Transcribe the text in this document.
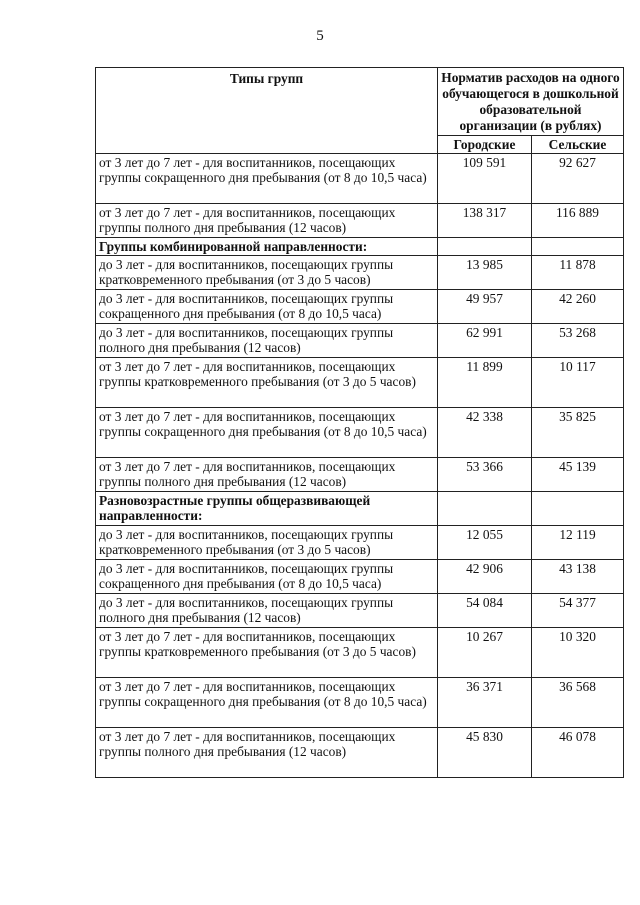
5
Типы групп	Норматив расходов на одного обучающегося в дошкольной образовательной организации (в рублях)	
	Городские	Сельские
от 3 лет до 7 лет - для воспитанников, посещающих группы сокращенного дня пребывания (от 8 до 10,5 часа)	109 591	92 627
от 3 лет до 7 лет - для воспитанников, посещающих группы полного дня пребывания (12 часов)	138 317	116 889
Группы комбинированной направленности:		
до 3 лет - для воспитанников, посещающих группы кратковременного пребывания (от 3 до 5 часов)	13 985	11 878
до 3 лет - для воспитанников, посещающих группы сокращенного дня пребывания (от 8 до 10,5 часа)	49 957	42 260
до 3 лет - для воспитанников, посещающих группы полного дня пребывания (12 часов)	62 991	53 268
от 3 лет до 7 лет - для воспитанников, посещающих группы кратковременного пребывания (от 3 до 5 часов)	11 899	10 117
от 3 лет до 7 лет - для воспитанников, посещающих группы сокращенного дня пребывания (от 8 до 10,5 часа)	42 338	35 825
от 3 лет до 7 лет - для воспитанников, посещающих группы полного дня пребывания (12 часов)	53 366	45 139
Разновозрастные группы общеразвивающей направленности:		
до 3 лет - для воспитанников, посещающих группы кратковременного пребывания (от 3 до 5 часов)	12 055	12 119
до 3 лет - для воспитанников, посещающих группы сокращенного дня пребывания (от 8 до 10,5 часа)	42 906	43 138
до 3 лет - для воспитанников, посещающих группы полного дня пребывания (12 часов)	54 084	54 377
от 3 лет до 7 лет - для воспитанников, посещающих группы кратковременного пребывания (от 3 до 5 часов)	10 267	10 320
от 3 лет до 7 лет - для воспитанников, посещающих группы сокращенного дня пребывания (от 8 до 10,5 часа)	36 371	36 568
от 3 лет до 7 лет - для воспитанников, посещающих группы полного дня пребывания (12 часов)	45 830	46 078
